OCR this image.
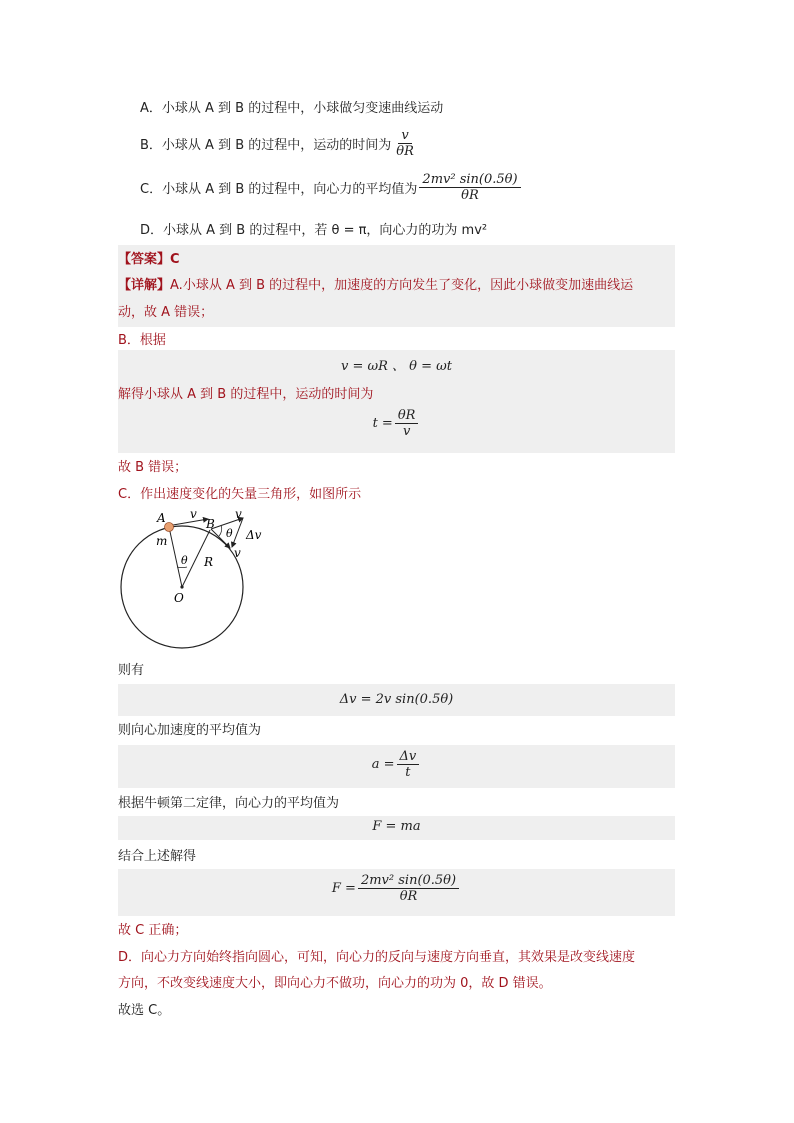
A．小球从 A 到 B 的过程中，小球做匀变速曲线运动
B．小球从 A 到 B 的过程中，运动的时间为 $\frac{v}{\theta R}$
C．小球从 A 到 B 的过程中，向心力的平均值为 $\frac{\text{2mv² sin(0.5θ)}}{\theta R}$
D．小球从 A 到 B 的过程中，若 θ = π，向心力的功为 mv²
【答案】C
【详解】A.小球从 A 到 B 的过程中，加速度的方向发生了变化，因此小球做变加速曲线运
动，故 A 错误；
B．根据
v = ωR 、 θ = ωt
解得小球从 A 到 B 的过程中，运动的时间为
$t = \frac{\theta R}{v}$
故 B 错误；
C．作出速度变化的矢量三角形，如图所示
A	B
m
O
R
θ
θ
v	v
v
Δv
则有
Δv = 2v sin(0.5θ)
则向心加速度的平均值为
$a = \frac{\Delta v}{t}$
根据牛顿第二定律，向心力的平均值为
F = ma
结合上述解得
$F = \frac{\text{2mv² sin(0.5θ)}}{\theta R}$
故 C 正确；
D．向心力方向始终指向圆心，可知，向心力的反向与速度方向垂直，其效果是改变线速度
方向，不改变线速度大小，即向心力不做功，向心力的功为 0，故 D 错误。
故选 C。
